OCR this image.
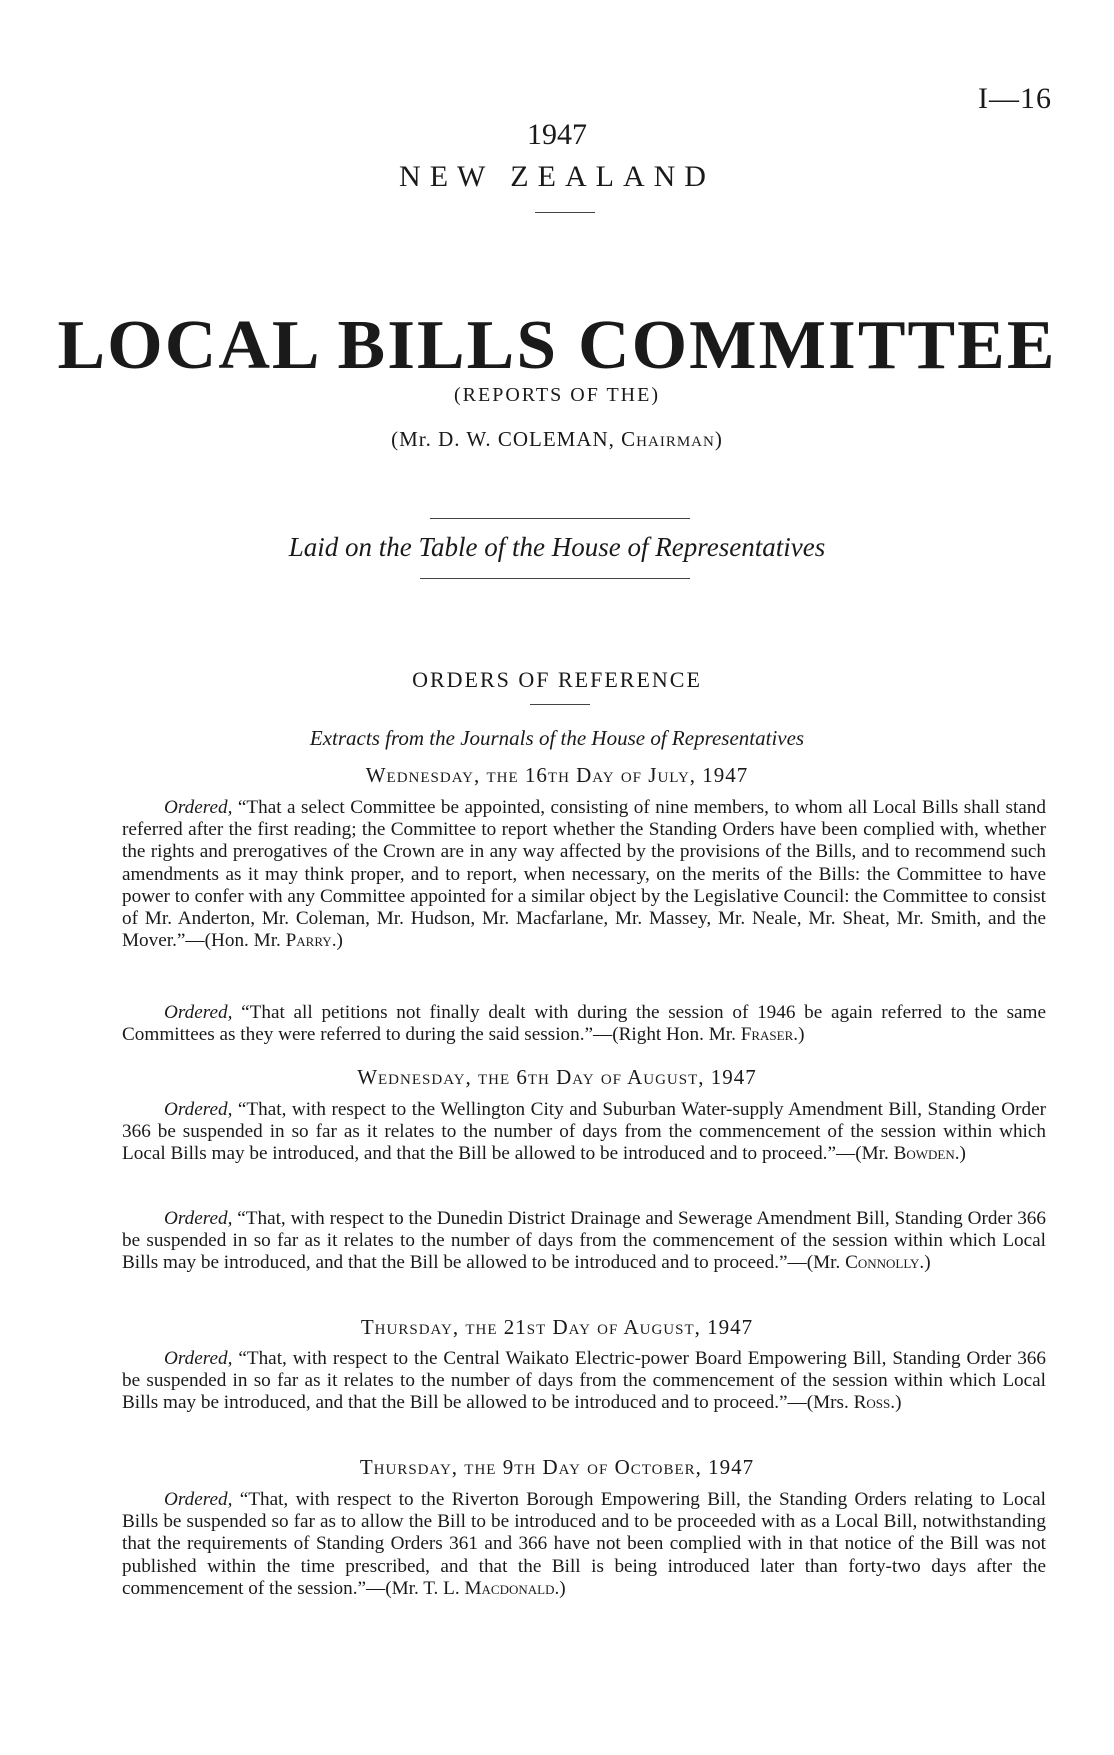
I—16
1947
NEW ZEALAND
LOCAL BILLS COMMITTEE
(REPORTS OF THE)
(Mr. D. W. COLEMAN, Chairman)
Laid on the Table of the House of Representatives
ORDERS OF REFERENCE
Extracts from the Journals of the House of Representatives
Wednesday, the 16th Day of July, 1947
Ordered, “That a select Committee be appointed, consisting of nine members, to whom all Local Bills shall stand referred after the first reading; the Committee to report whether the Standing Orders have been complied with, whether the rights and prerogatives of the Crown are in any way affected by the provisions of the Bills, and to recommend such amendments as it may think proper, and to report, when necessary, on the merits of the Bills: the Committee to have power to confer with any Committee appointed for a similar object by the Legislative Council: the Committee to consist of Mr. Anderton, Mr. Coleman, Mr. Hudson, Mr. Macfarlane, Mr. Massey, Mr. Neale, Mr. Sheat, Mr. Smith, and the Mover.”—(Hon. Mr. Parry.)
Ordered, “That all petitions not finally dealt with during the session of 1946 be again referred to the same Committees as they were referred to during the said session.”—(Right Hon. Mr. Fraser.)
Wednesday, the 6th Day of August, 1947
Ordered, “That, with respect to the Wellington City and Suburban Water-supply Amendment Bill, Standing Order 366 be suspended in so far as it relates to the number of days from the commencement of the session within which Local Bills may be introduced, and that the Bill be allowed to be introduced and to proceed.”—(Mr. Bowden.)
Ordered, “That, with respect to the Dunedin District Drainage and Sewerage Amendment Bill, Standing Order 366 be suspended in so far as it relates to the number of days from the commencement of the session within which Local Bills may be introduced, and that the Bill be allowed to be introduced and to proceed.”—(Mr. Connolly.)
Thursday, the 21st Day of August, 1947
Ordered, “That, with respect to the Central Waikato Electric-power Board Empowering Bill, Standing Order 366 be suspended in so far as it relates to the number of days from the commencement of the session within which Local Bills may be introduced, and that the Bill be allowed to be introduced and to proceed.”—(Mrs. Ross.)
Thursday, the 9th Day of October, 1947
Ordered, “That, with respect to the Riverton Borough Empowering Bill, the Standing Orders relating to Local Bills be suspended so far as to allow the Bill to be introduced and to be proceeded with as a Local Bill, notwithstanding that the requirements of Standing Orders 361 and 366 have not been complied with in that notice of the Bill was not published within the time prescribed, and that the Bill is being introduced later than forty-two days after the commencement of the session.”—(Mr. T. L. Macdonald.)
